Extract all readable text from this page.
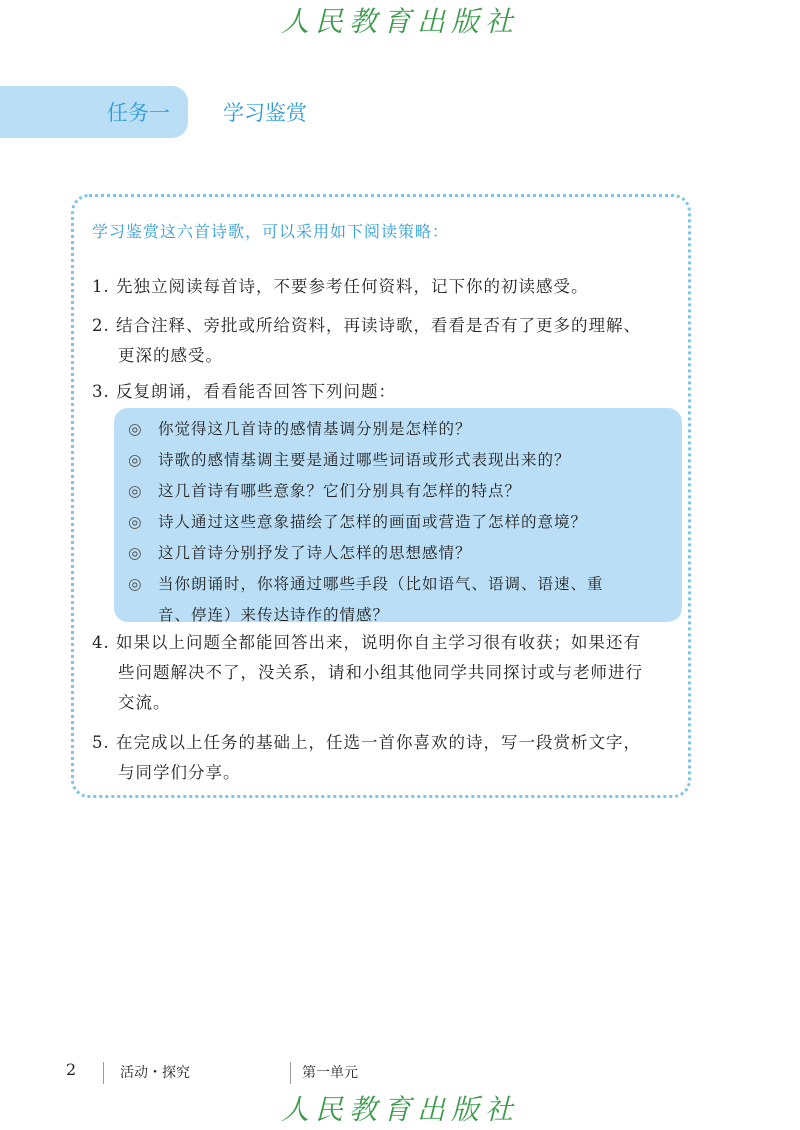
人民教育出版社
任务一	学习鉴赏
学习鉴赏这六首诗歌，可以采用如下阅读策略：
1. 先独立阅读每首诗，不要参考任何资料，记下你的初读感受。
2. 结合注释、旁批或所给资料，再读诗歌，看看是否有了更多的理解、
更深的感受。
3. 反复朗诵，看看能否回答下列问题：
◎ 你觉得这几首诗的感情基调分别是怎样的？
◎ 诗歌的感情基调主要是通过哪些词语或形式表现出来的？
◎ 这几首诗有哪些意象？它们分别具有怎样的特点？
◎ 诗人通过这些意象描绘了怎样的画面或营造了怎样的意境？
◎ 这几首诗分别抒发了诗人怎样的思想感情？
◎ 当你朗诵时，你将通过哪些手段（比如语气、语调、语速、重
音、停连）来传达诗作的情感？
4. 如果以上问题全都能回答出来，说明你自主学习很有收获；如果还有
些问题解决不了，没关系，请和小组其他同学共同探讨或与老师进行
交流。
5. 在完成以上任务的基础上，任选一首你喜欢的诗，写一段赏析文字，
与同学们分享。
2	活动・探究	第一单元
人民教育出版社
